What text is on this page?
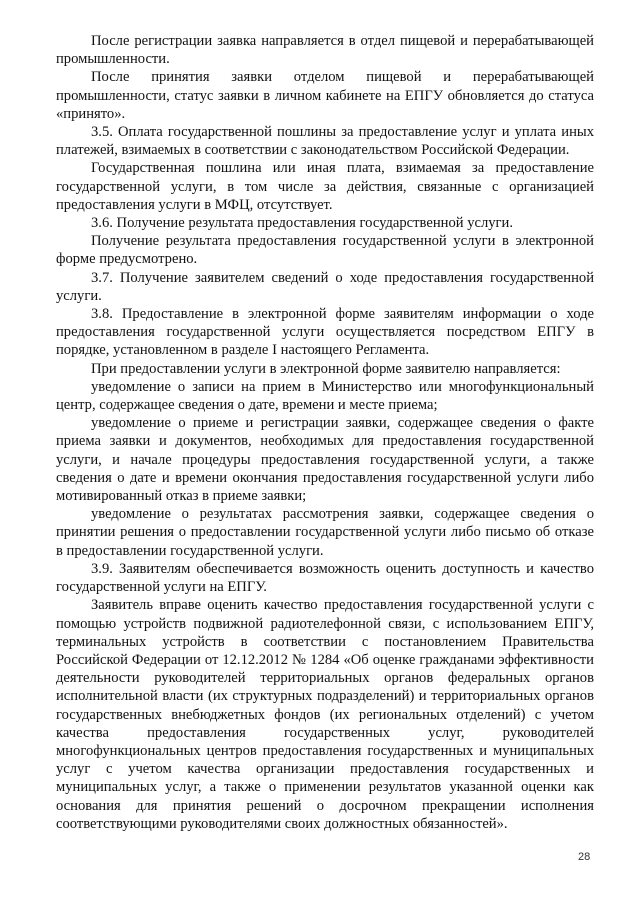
После регистрации заявка направляется в отдел пищевой и перерабатывающей промышленности.

После принятия заявки отделом пищевой и перерабатывающей промышленности, статус заявки в личном кабинете на ЕПГУ обновляется до статуса «принято».

3.5. Оплата государственной пошлины за предоставление услуг и уплата иных платежей, взимаемых в соответствии с законодательством Российской Федерации.

Государственная пошлина или иная плата, взимаемая за предоставление государственной услуги, в том числе за действия, связанные с организацией предоставления услуги в МФЦ, отсутствует.

3.6. Получение результата предоставления государственной услуги.

Получение результата предоставления государственной услуги в электронной форме предусмотрено.

3.7. Получение заявителем сведений о ходе предоставления государственной услуги.

3.8. Предоставление в электронной форме заявителям информации о ходе предоставления государственной услуги осуществляется посредством ЕПГУ в порядке, установленном в разделе I настоящего Регламента.

При предоставлении услуги в электронной форме заявителю направляется:

уведомление о записи на прием в Министерство или многофункциональный центр, содержащее сведения о дате, времени и месте приема;

уведомление о приеме и регистрации заявки, содержащее сведения о факте приема заявки и документов, необходимых для предоставления государственной услуги, и начале процедуры предоставления государственной услуги, а также сведения о дате и времени окончания предоставления государственной услуги либо мотивированный отказ в приеме заявки;

уведомление о результатах рассмотрения заявки, содержащее сведения о принятии решения о предоставлении государственной услуги либо письмо об отказе в предоставлении государственной услуги.

3.9. Заявителям обеспечивается возможность оценить доступность и качество государственной услуги на ЕПГУ.

Заявитель вправе оценить качество предоставления государственной услуги с помощью устройств подвижной радиотелефонной связи, с использованием ЕПГУ, терминальных устройств в соответствии с постановлением Правительства Российской Федерации от 12.12.2012 № 1284 «Об оценке гражданами эффективности деятельности руководителей территориальных органов федеральных органов исполнительной власти (их структурных подразделений) и территориальных органов государственных внебюджетных фондов (их региональных отделений) с учетом качества предоставления государственных услуг, руководителей многофункциональных центров предоставления государственных и муниципальных услуг с учетом качества организации предоставления государственных и муниципальных услуг, а также о применении результатов указанной оценки как основания для принятия решений о досрочном прекращении исполнения соответствующими руководителями своих должностных обязанностей».

28
